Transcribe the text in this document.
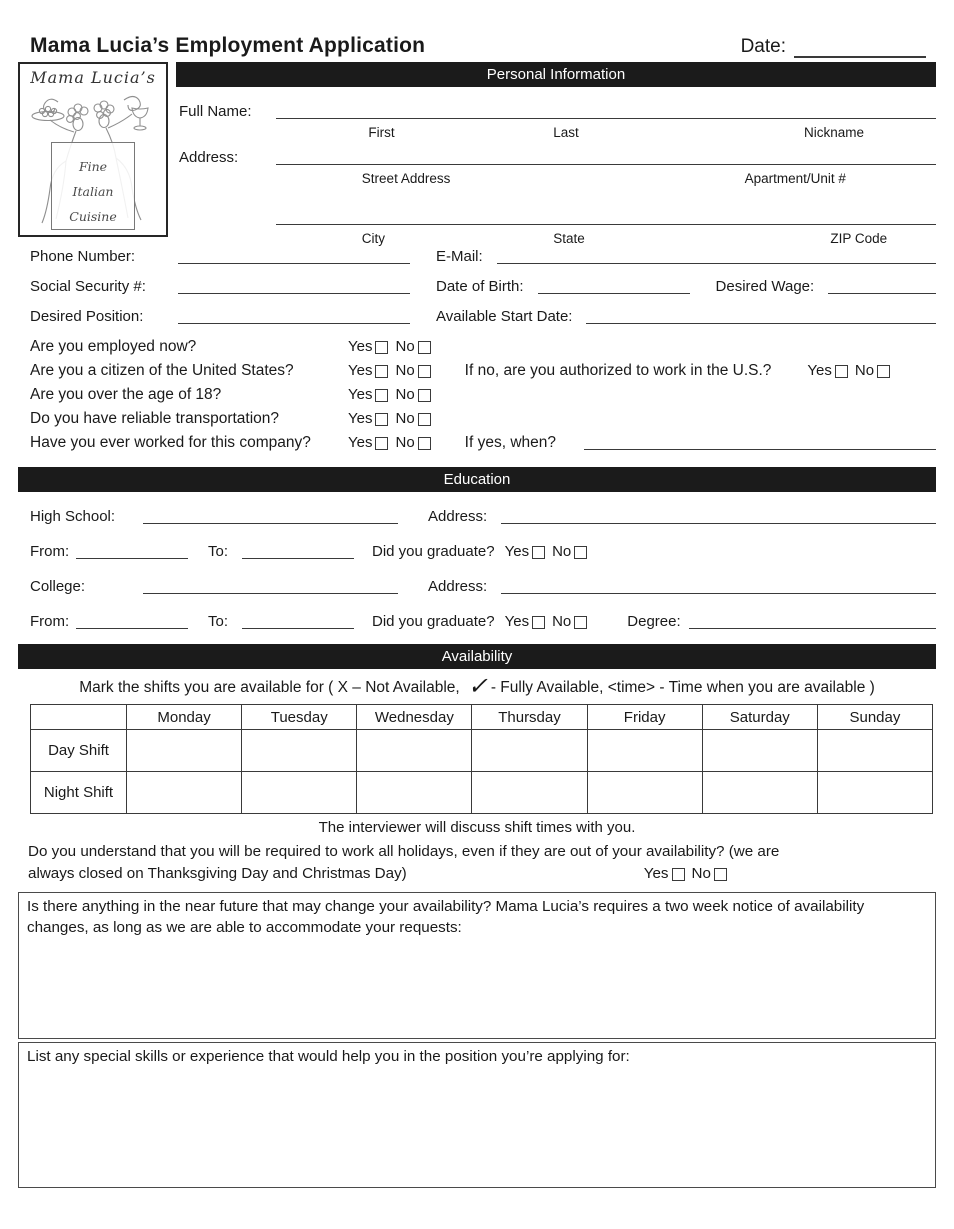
Mama Lucia’s Employment Application	Date:
Mama Lucia’s
Fine
Italian
Cuisine
Personal Information
Full Name:
First	Last	Nickname
Address:
Street Address	Apartment/Unit #
City	State	ZIP Code
Phone Number:	E-Mail:
Social Security #:	Date of Birth:	Desired Wage:
Desired Position:	Available Start Date:
Are you employed now?	Yes No
Are you a citizen of the United States?	Yes No	If no, are you authorized to work in the U.S.? Yes No
Are you over the age of 18?	Yes No
Do you have reliable transportation?	Yes No
Have you ever worked for this company?	Yes No	If yes, when?
Education
High School:	Address:
From:	To:	Did you graduate? Yes No
College:	Address:
From:	To:	Did you graduate? Yes No	Degree:
Availability
Mark the shifts you are available for ( X – Not Available, ✓ - Fully Available, <time> - Time when you are available )
	Monday	Tuesday	Wednesday	Thursday	Friday	Saturday	Sunday
Day Shift							
Night Shift							
The interviewer will discuss shift times with you.
Do you understand that you will be required to work all holidays, even if they are out of your availability? (we are
always closed on Thanksgiving Day and Christmas Day)	Yes No
Is there anything in the near future that may change your availability? Mama Lucia’s requires a two week notice of availability changes, as long as we are able to accommodate your requests:
List any special skills or experience that would help you in the position you’re applying for:
